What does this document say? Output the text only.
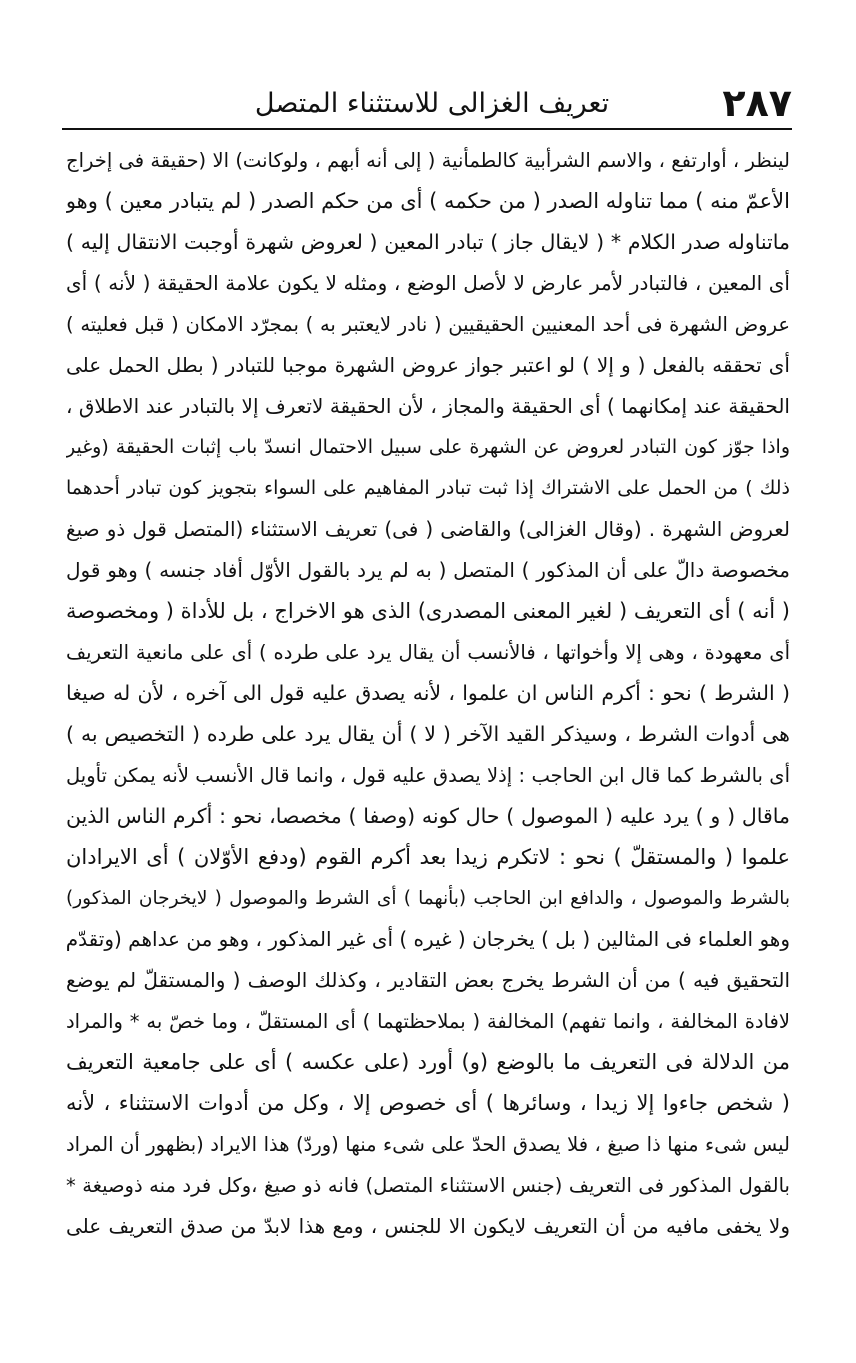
٢٨٧
تعريف الغزالى للاستثناء المتصل
لينظر ، أوارتفع ، والاسم الشرأبية كالطمأنية ( إلى أنه أبهم ، ولوكانت) الا (حقيقة فى إخراج
الأعمّ منه ) مما تناوله الصدر ( من حكمه ) أى من حكم الصدر ( لم يتبادر معين ) وهو
ماتناوله صدر الكلام * ( لايقال جاز ) تبادر المعين ( لعروض شهرة أوجبت الانتقال إليه )
أى المعين ، فالتبادر لأمر عارض لا لأصل الوضع ، ومثله لا يكون علامة الحقيقة ( لأنه ) أى
عروض الشهرة فى أحد المعنيين الحقيقيين ( نادر لايعتبر به ) بمجرّد الامكان ( قبل فعليته )
أى تحققه بالفعل ( و إلا ) لو اعتبر جواز عروض الشهرة موجبا للتبادر ( بطل الحمل على
الحقيقة عند إمكانهما ) أى الحقيقة والمجاز ، لأن الحقيقة لاتعرف إلا بالتبادر عند الاطلاق ،
واذا جوّز كون التبادر لعروض عن الشهرة على سبيل الاحتمال انسدّ باب إثبات الحقيقة (وغير
ذلك ) من الحمل على الاشتراك إذا ثبت تبادر المفاهيم على السواء بتجويز كون تبادر أحدهما
لعروض الشهرة . (وقال الغزالى) والقاضى ( فى) تعريف الاستثناء (المتصل قول ذو صيغ
مخصوصة دالّ على أن المذكور ) المتصل ( به لم يرد بالقول الأوّل أفاد جنسه ) وهو قول
( أنه ) أى التعريف ( لغير المعنى المصدرى) الذى هو الاخراج ، بل للأداة ( ومخصوصة
أى معهودة ، وهى إلا وأخواتها ، فالأنسب أن يقال يرد على طرده ) أى على مانعية التعريف
( الشرط ) نحو : أكرم الناس ان علموا ، لأنه يصدق عليه قول الى آخره ، لأن له صيغا
هى أدوات الشرط ، وسيذكر القيد الآخر ( لا ) أن يقال يرد على طرده ( التخصيص به )
أى بالشرط كما قال ابن الحاجب : إذلا يصدق عليه قول ، وانما قال الأنسب لأنه يمكن تأويل
ماقال ( و ) يرد عليه ( الموصول ) حال كونه (وصفا ) مخصصا، نحو : أكرم الناس الذين
علموا ( والمستقلّ ) نحو : لاتكرم زيدا بعد أكرم القوم (ودفع الأوّلان ) أى الايرادان
بالشرط والموصول ، والدافع ابن الحاجب (بأنهما ) أى الشرط والموصول ( لايخرجان المذكور)
وهو العلماء فى المثالين ( بل ) يخرجان ( غيره ) أى غير المذكور ، وهو من عداهم (وتقدّم
التحقيق فيه ) من أن الشرط يخرج بعض التقادير ، وكذلك الوصف ( والمستقلّ لم يوضع
لافادة المخالفة ، وانما تفهم) المخالفة ( بملاحظتهما ) أى المستقلّ ، وما خصّ به * والمراد
من الدلالة فى التعريف ما بالوضع (و) أورد (على عكسه ) أى على جامعية التعريف
( شخص جاءوا إلا زيدا ، وسائرها ) أى خصوص إلا ، وكل من أدوات الاستثناء ، لأنه
ليس شىء منها ذا صيغ ، فلا يصدق الحدّ على شىء منها (وردّ) هذا الايراد (بظهور أن المراد
بالقول المذكور فى التعريف (جنس الاستثناء المتصل) فانه ذو صيغ ،وكل فرد منه ذوصيغة *
ولا يخفى مافيه من أن التعريف لايكون الا للجنس ، ومع هذا لابدّ من صدق التعريف على
